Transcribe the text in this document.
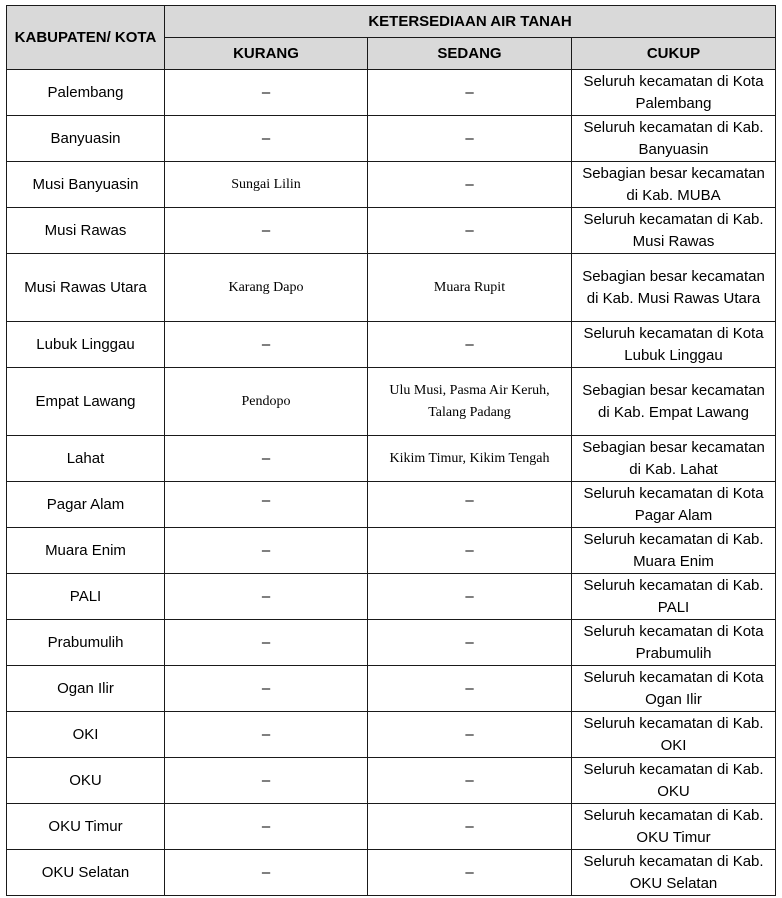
KABUPATEN/ KOTA	KETERSEDIAAN AIR TANAH		
	KURANG	SEDANG	CUKUP
Palembang	–	–	Seluruh kecamatan di Kota Palembang
Banyuasin	–	–	Seluruh kecamatan di Kab. Banyuasin
Musi Banyuasin	Sungai Lilin	–	Sebagian besar kecamatan di Kab. MUBA
Musi Rawas	–	–	Seluruh kecamatan di Kab. Musi Rawas
Musi Rawas Utara	Karang Dapo	Muara Rupit	Sebagian besar kecamatan di Kab. Musi Rawas Utara
Lubuk Linggau	–	–	Seluruh kecamatan di Kota Lubuk Linggau
Empat Lawang	Pendopo	Ulu Musi, Pasma Air Keruh, Talang Padang	Sebagian besar kecamatan di Kab. Empat Lawang
Lahat	–	Kikim Timur, Kikim Tengah	Sebagian besar kecamatan di Kab. Lahat
Pagar Alam	–	–	Seluruh kecamatan di Kota Pagar Alam
Muara Enim	–	–	Seluruh kecamatan di Kab. Muara Enim
PALI	–	–	Seluruh kecamatan di Kab. PALI
Prabumulih	–	–	Seluruh kecamatan di Kota Prabumulih
Ogan Ilir	–	–	Seluruh kecamatan di Kota Ogan Ilir
OKI	–	–	Seluruh kecamatan di Kab. OKI
OKU	–	–	Seluruh kecamatan di Kab. OKU
OKU Timur	–	–	Seluruh kecamatan di Kab. OKU Timur
OKU Selatan	–	–	Seluruh kecamatan di Kab. OKU Selatan
